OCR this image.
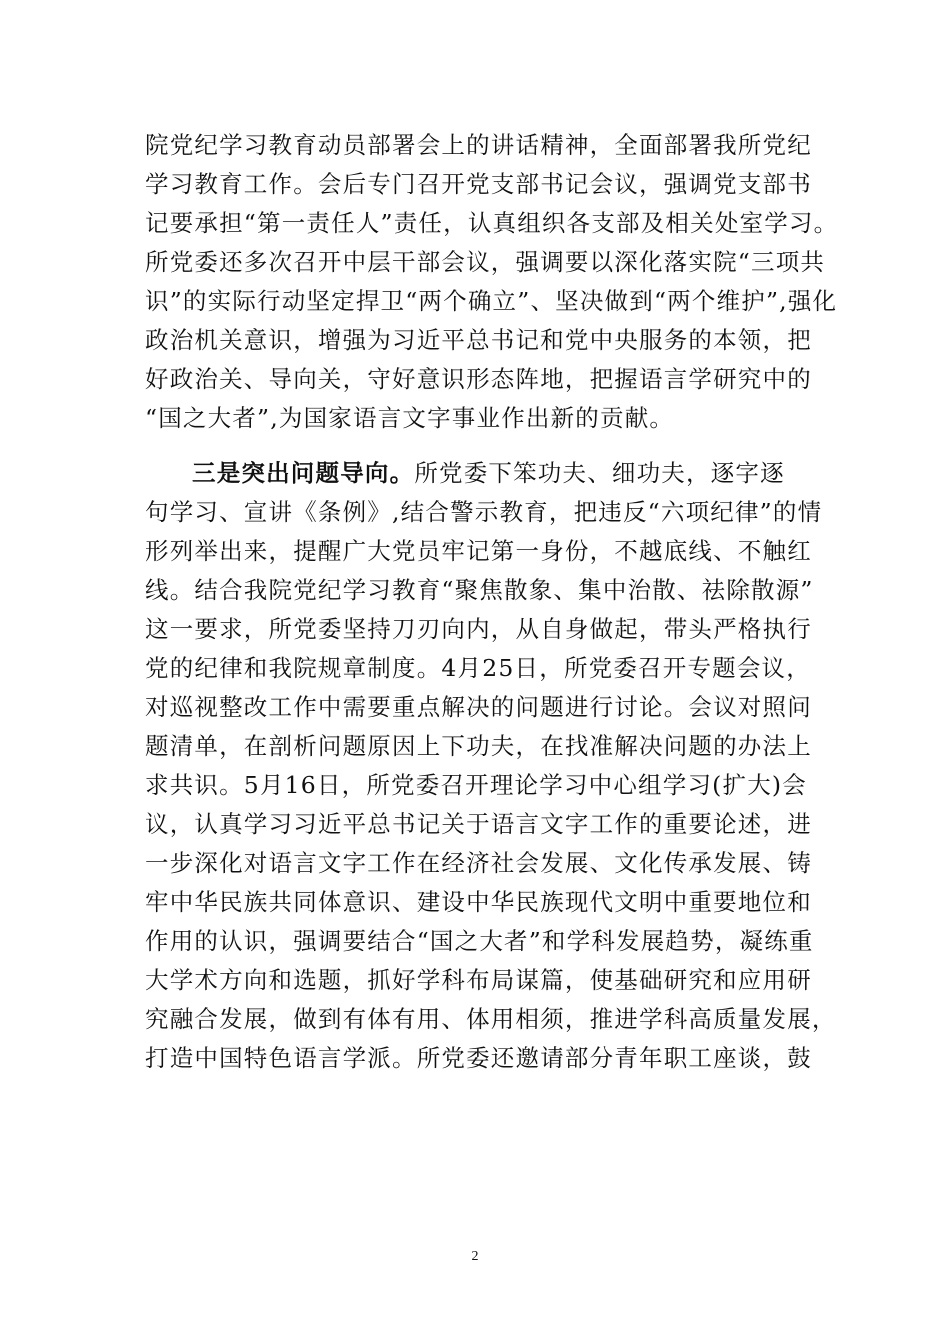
院党纪学习教育动员部署会上的讲话精神，全面部署我所党纪
学习教育工作。会后专门召开党支部书记会议，强调党支部书
记要承担“第一责任人”责任，认真组织各支部及相关处室学习。
所党委还多次召开中层干部会议，强调要以深化落实院“三项共
识”的实际行动坚定捍卫“两个确立”、坚决做到“两个维护”,强化
政治机关意识，增强为习近平总书记和党中央服务的本领，把
好政治关、导向关，守好意识形态阵地，把握语言学研究中的
“国之大者”,为国家语言文字事业作出新的贡献。
三是突出问题导向。所党委下笨功夫、细功夫，逐字逐
句学习、宣讲《条例》,结合警示教育，把违反“六项纪律”的情
形列举出来，提醒广大党员牢记第一身份，不越底线、不触红
线。结合我院党纪学习教育“聚焦散象、集中治散、祛除散源”
这一要求，所党委坚持刀刃向内，从自身做起，带头严格执行
党的纪律和我院规章制度。4月25日，所党委召开专题会议，
对巡视整改工作中需要重点解决的问题进行讨论。会议对照问
题清单，在剖析问题原因上下功夫，在找准解决问题的办法上
求共识。5月16日，所党委召开理论学习中心组学习(扩大)会
议，认真学习习近平总书记关于语言文字工作的重要论述，进
一步深化对语言文字工作在经济社会发展、文化传承发展、铸
牢中华民族共同体意识、建设中华民族现代文明中重要地位和
作用的认识，强调要结合“国之大者”和学科发展趋势，凝练重
大学术方向和选题，抓好学科布局谋篇，使基础研究和应用研
究融合发展，做到有体有用、体用相须，推进学科高质量发展，
打造中国特色语言学派。所党委还邀请部分青年职工座谈，鼓
2
